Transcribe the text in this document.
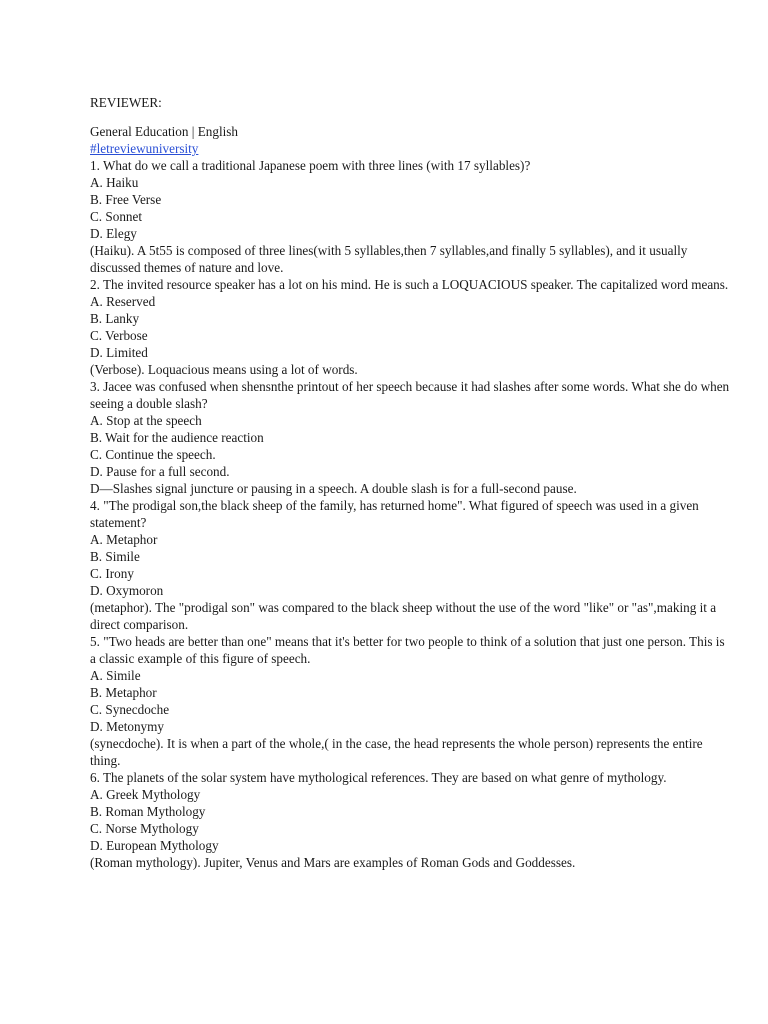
REVIEWER:
General Education | English
#letreviewuniversity
1. What do we call a traditional Japanese poem with three lines (with 17 syllables)?
A. Haiku
B. Free Verse
C. Sonnet
D. Elegy
(Haiku). A 5t55 is composed of three lines(with 5 syllables,then 7 syllables,and finally 5 syllables), and it usually discussed themes of nature and love.
2. The invited resource speaker has a lot on his mind. He is such a LOQUACIOUS speaker. The capitalized word means.
A. Reserved
B. Lanky
C. Verbose
D. Limited
(Verbose). Loquacious means using a lot of words.
3. Jacee was confused when shensnthe printout of her speech because it had slashes after some words. What she do when seeing a double slash?
A. Stop at the speech
B. Wait for the audience reaction
C. Continue the speech.
D. Pause for a full second.
D—Slashes signal juncture or pausing in a speech. A double slash is for a full-second pause.
4. "The prodigal son,the black sheep of the family, has returned home". What figured of speech was used in a given statement?
A. Metaphor
B. Simile
C. Irony
D. Oxymoron
(metaphor). The "prodigal son" was compared to the black sheep without the use of the word "like" or "as",making it a direct comparison.
5. "Two heads are better than one" means that it's better for two people to think of a solution that just one person. This is a classic example of this figure of speech.
A. Simile
B. Metaphor
C. Synecdoche
D. Metonymy
(synecdoche). It is when a part of the whole,( in the case, the head represents the whole person) represents the entire thing.
6. The planets of the solar system have mythological references. They are based on what genre of mythology.
A. Greek Mythology
B. Roman Mythology
C. Norse Mythology
D. European Mythology
(Roman mythology). Jupiter, Venus and Mars are examples of Roman Gods and Goddesses.
